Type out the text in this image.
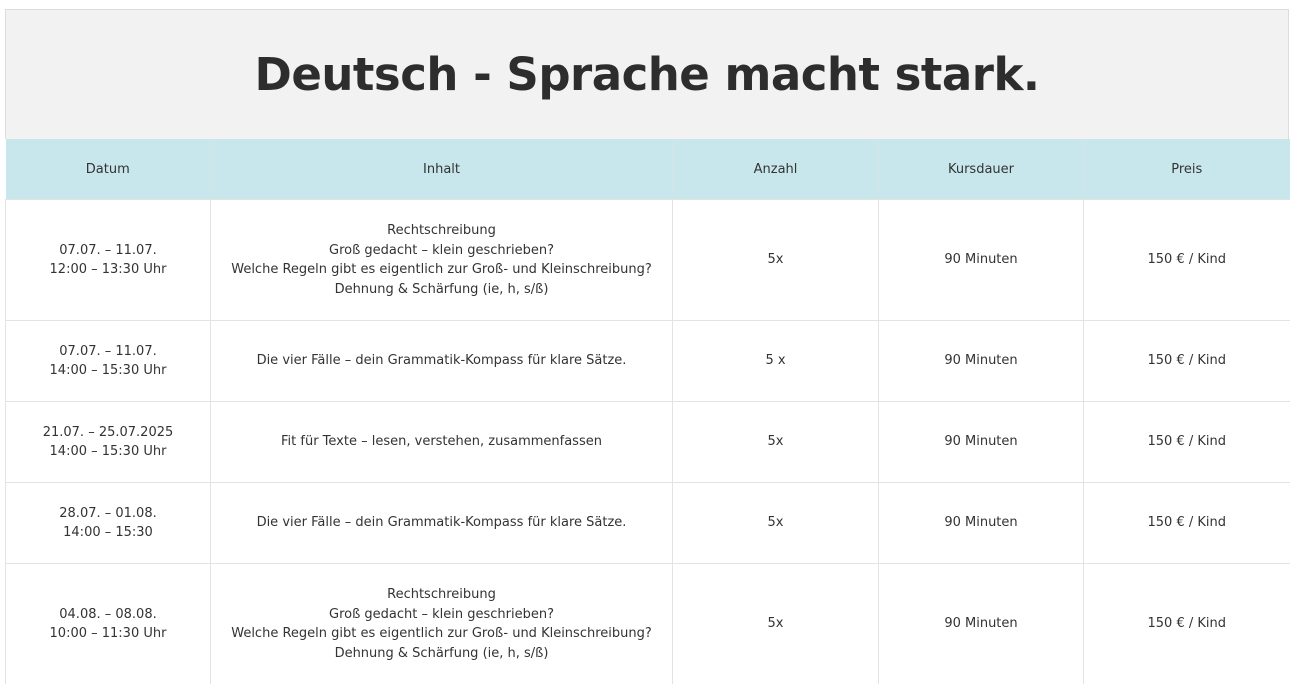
Deutsch - Sprache macht stark.
Datum	Inhalt	Anzahl	Kursdauer	Preis

07.07. – 11.07.
12:00 – 13:30 Uhr	Rechtschreibung
Groß gedacht – klein geschrieben?
Welche Regeln gibt es eigentlich zur Groß- und Kleinschreibung?
Dehnung & Schärfung (ie, h, s/ß)	5x	90 Minuten	150 € / Kind

07.07. – 11.07.
14:00 – 15:30 Uhr	Die vier Fälle – dein Grammatik-Kompass für klare Sätze.	5 x	90 Minuten	150 € / Kind

21.07. – 25.07.2025
14:00 – 15:30 Uhr	Fit für Texte – lesen, verstehen, zusammenfassen	5x	90 Minuten	150 € / Kind

28.07. – 01.08.
14:00 – 15:30	Die vier Fälle – dein Grammatik-Kompass für klare Sätze.	5x	90 Minuten	150 € / Kind

04.08. – 08.08.
10:00 – 11:30 Uhr	Rechtschreibung
Groß gedacht – klein geschrieben?
Welche Regeln gibt es eigentlich zur Groß- und Kleinschreibung?
Dehnung & Schärfung (ie, h, s/ß)	5x	90 Minuten	150 € / Kind
